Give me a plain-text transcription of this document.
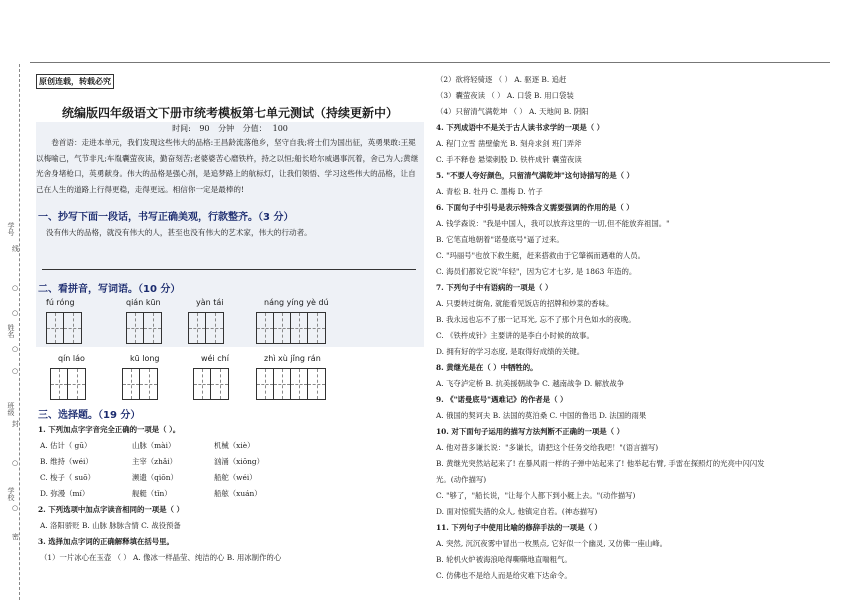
学号
姓名
班级
学校
线
○
○
○
○
封
○
○
密
原创连载，转载必究
统编版四年级语文下册市统考模板第七单元测试（持续更新中）
时间: 90 分钟 分值： 100
卷首语：走进本单元，我们发现这些伟大的品格:王昌龄流落他乡，坚守自我;将士们为国出征，英勇果敢:王冕以梅喻己，气节非凡;车胤囊萤夜读，勤奋刻苦;老婆婆苦心磨铁杵，持之以恒;船长哈尔威遇事沉着，舍己为人;黄继光舍身堵枪口，英勇献身。伟大的品格是强心剂，是追梦路上的航标灯，让我们领悟、学习这些伟大的品格，让自己在人生的道路上行得更稳，走得更远。相信你一定是最棒的!
一、抄写下面一段话，书写正确美观，行款整齐。（3 分）
没有伟大的品格，就没有伟大的人，甚至也没有伟大的艺术家，伟大的行动者。
二、看拼音，写词语。（10 分）
fú róng	qián kūn	yàn tái	náng yíng yè dú
qín láo	kū long	wéi chí	zhì xù jǐng rán
三、选择题。（19 分）
1. 下列加点字字音完全正确的一项是（ ）。
A. 估计（ gū）	山脉（mài）	机械（xiè）
B. 维持（wéi）	主宰（zhǎi）	汹涌（xiōng）
C. 梭子（ suō）	濒遗（qiōn）	船舵（wéi）
D. 弥漫（mí）	舰艇（tǐn）	船舷（xuán）
2. 下列选项中加点字读音相同的一项是（ ）
A. 洛阳骄贬 B. 山脉 脉脉含情 C. 战役预备
3. 选择加点字词的正确解释填在括号里。
（1）一片冰心在玉壶 （ ） A. 像冰一样晶莹、纯洁的心 B. 用冰制作的心
（2）欲将轻骑逐 （ ） A. 驱逐 B. 追赶
（3）囊萤夜读 （ ） A. 口袋 B. 用口袋装
（4）只留清气满乾坤 （ ） A. 天地间 B. 阴阳
4. 下列成语中不是关于古人读书求学的一项是（ ）
A. 程门立雪 凿壁偷光 B. 刻舟求剑 班门弄斧
C. 手不释卷 悬梁刺股 D. 铁杵成针 囊萤夜读
5. "不要人夸好颜色，只留清气满乾坤"这句诗描写的是（ ）
A. 青松 B. 牡丹 C. 墨梅 D. 竹子
6. 下面句子中引号是表示特殊含义需要强调的作用的是（ ）
A. 钱学森说："我是中国人，我可以放弃这里的一切,但不能放弃祖国。"
B. 它笔直地朝着"诺曼底号"逼了过来。
C. "玛丽号"也放下救生艇，赶来搭救由于它肇祸而遇难的人员。
C. 海员们都说它说"年轻"，因为它才七岁, 是 1863 年造的。
7. 下列句子中有语病的一项是（ ）
A. 只要转过街角, 就能看见饭店的招牌和炒菜的香味。
B. 我永远也忘不了那一记耳光, 忘不了那个月色如水的夜晚。
C. 《铁杵成针》主要讲的是李白小时候的故事。
D. 拥有好的学习态度, 是取得好成绩的关键。
8. 黄继光是在（ ）中牺牲的。
A. 飞夺泸定桥 B. 抗美援朝战争 C. 越南战争 D. 解放战争
9. 《"诺曼底号"遇难记》的作者是（ ）
A. 俄国的契诃夫 B. 法国的莫泊桑 C. 中国的鲁迅 D. 法国的雨果
10. 对下面句子运用的描写方法判断不正确的一项是（ ）
A. 他对普多谦长说："多谦长，请把这个任务交给我吧！"(语言描写)
B. 黄继光突然站起来了! 在暴风雨一样的子弹中站起来了! 他举起右臂, 手雷在探照灯的光亮中闪闪发
光。(动作描写)
C. "够了，"船长说，"让每个人都下到小艇上去。"(动作描写)
D. 面对惊慌失措的众人, 他镇定自若。(神态描写)
11. 下列句子中使用比喻的修辞手法的一项是（ ）
A. 突然, 沉沉夜雾中冒出一枚黑点, 它好似一个幽灵, 又仿佛一座山峰。
B. 轮机火炉被海浪呛得嘶嘶地直喘粗气。
C. 仿佛也不是给人而是给灾难下达命令。
